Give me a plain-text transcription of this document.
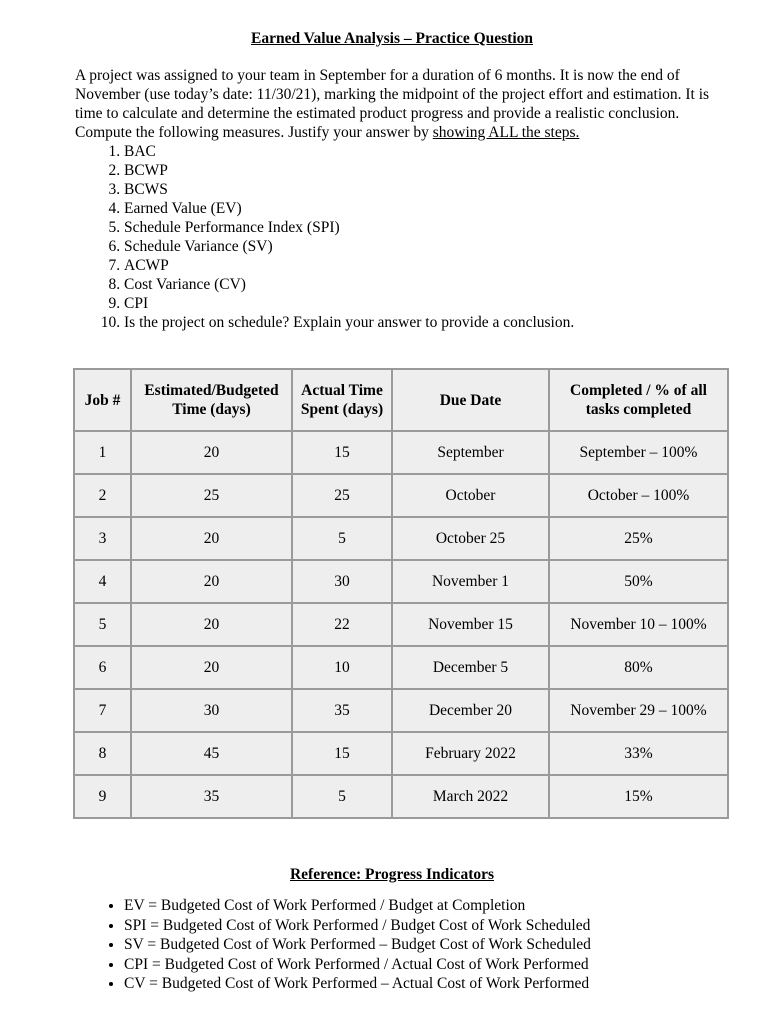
Earned Value Analysis – Practice Question
A project was assigned to your team in September for a duration of 6 months. It is now the end of November (use today’s date: 11/30/21), marking the midpoint of the project effort and estimation. It is time to calculate and determine the estimated product progress and provide a realistic conclusion.
Compute the following measures. Justify your answer by showing ALL the steps.
1. BAC
2. BCWP
3. BCWS
4. Earned Value (EV)
5. Schedule Performance Index (SPI)
6. Schedule Variance (SV)
7. ACWP
8. Cost Variance (CV)
9. CPI
10. Is the project on schedule? Explain your answer to provide a conclusion.
Job #	Estimated/Budgeted Time (days)	Actual Time Spent (days)	Due Date	Completed / % of all tasks completed
1	20	15	September	September – 100%
2	25	25	October	October – 100%
3	20	5	October 25	25%
4	20	30	November 1	50%
5	20	22	November 15	November 10 – 100%
6	20	10	December 5	80%
7	30	35	December 20	November 29 – 100%
8	45	15	February 2022	33%
9	35	5	March 2022	15%
Reference: Progress Indicators
• EV = Budgeted Cost of Work Performed / Budget at Completion
• SPI = Budgeted Cost of Work Performed / Budget Cost of Work Scheduled
• SV = Budgeted Cost of Work Performed – Budget Cost of Work Scheduled
• CPI = Budgeted Cost of Work Performed / Actual Cost of Work Performed
• CV = Budgeted Cost of Work Performed – Actual Cost of Work Performed
